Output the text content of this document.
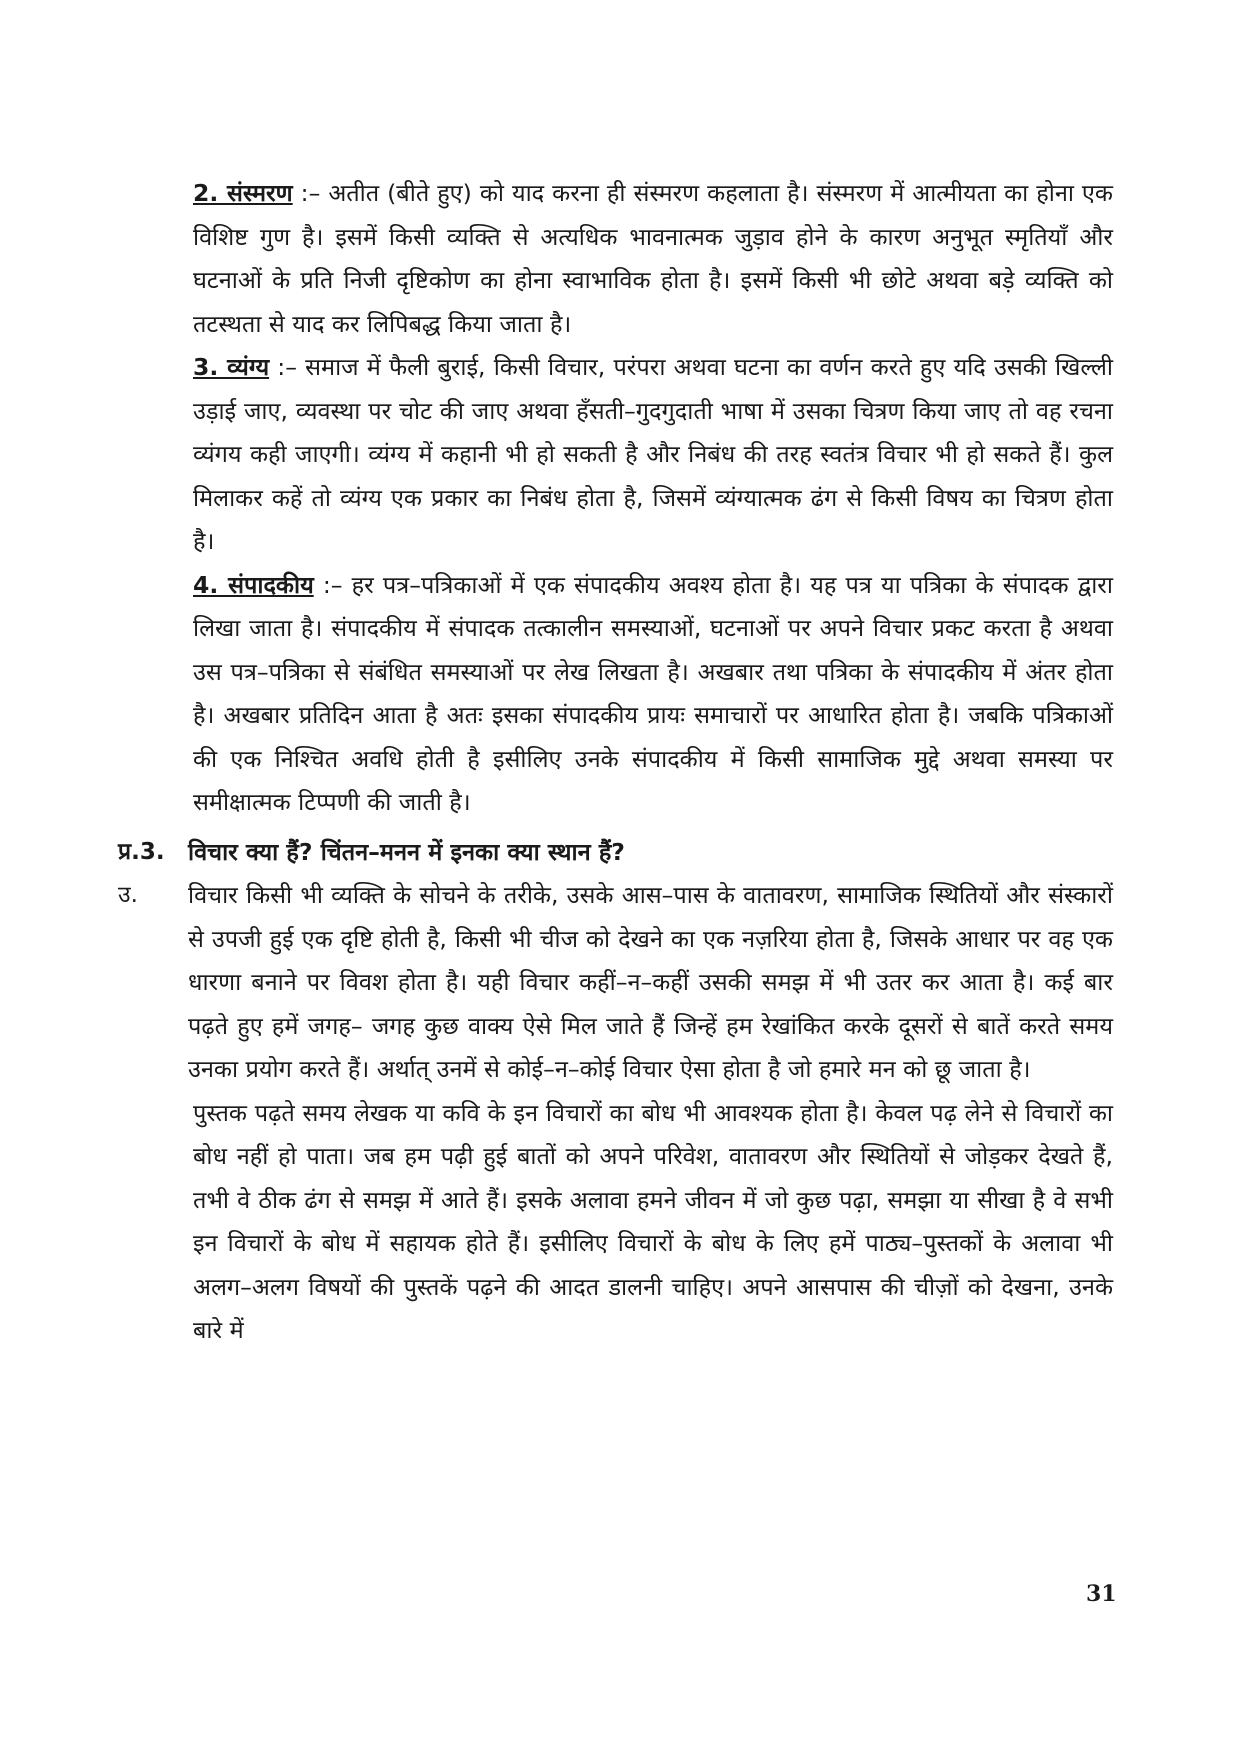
2. संस्मरण :– अतीत (बीते हुए) को याद करना ही संस्मरण कहलाता है। संस्मरण में आत्मीयता का होना एक विशिष्ट गुण है। इसमें किसी व्यक्ति से अत्यधिक भावनात्मक जुड़ाव होने के कारण अनुभूत स्मृतियाँ और घटनाओं के प्रति निजी दृष्टिकोण का होना स्वाभाविक होता है। इसमें किसी भी छोटे अथवा बड़े व्यक्ति को तटस्थता से याद कर लिपिबद्ध किया जाता है।

3. व्यंग्य :– समाज में फैली बुराई, किसी विचार, परंपरा अथवा घटना का वर्णन करते हुए यदि उसकी खिल्ली उड़ाई जाए, व्यवस्था पर चोट की जाए अथवा हँसती–गुदगुदाती भाषा में उसका चित्रण किया जाए तो वह रचना व्यंगय कही जाएगी। व्यंग्य में कहानी भी हो सकती है और निबंध की तरह स्वतंत्र विचार भी हो सकते हैं। कुल मिलाकर कहें तो व्यंग्य एक प्रकार का निबंध होता है, जिसमें व्यंग्यात्मक ढंग से किसी विषय का चित्रण होता है।

4. संपादकीय :– हर पत्र–पत्रिकाओं में एक संपादकीय अवश्य होता है। यह पत्र या पत्रिका के संपादक द्वारा लिखा जाता है। संपादकीय में संपादक तत्कालीन समस्याओं, घटनाओं पर अपने विचार प्रकट करता है अथवा उस पत्र–पत्रिका से संबंधित समस्याओं पर लेख लिखता है। अखबार तथा पत्रिका के संपादकीय में अंतर होता है। अखबार प्रतिदिन आता है अतः इसका संपादकीय प्रायः समाचारों पर आधारित होता है। जबकि पत्रिकाओं की एक निश्चित अवधि होती है इसीलिए उनके संपादकीय में किसी सामाजिक मुद्दे अथवा समस्या पर समीक्षात्मक टिप्पणी की जाती है।

प्र.3. विचार क्या हैं? चिंतन–मनन में इनका क्या स्थान हैं?
उ.	विचार किसी भी व्यक्ति के सोचने के तरीके, उसके आस–पास के वातावरण, सामाजिक स्थितियों और संस्कारों से उपजी हुई एक दृष्टि होती है, किसी भी चीज को देखने का एक नज़रिया होता है, जिसके आधार पर वह एक धारणा बनाने पर विवश होता है। यही विचार कहीं–न–कहीं उसकी समझ में भी उतर कर आता है। कई बार पढ़ते हुए हमें जगह– जगह कुछ वाक्य ऐसे मिल जाते हैं जिन्हें हम रेखांकित करके दूसरों से बातें करते समय उनका प्रयोग करते हैं। अर्थात् उनमें से कोई–न–कोई विचार ऐसा होता है जो हमारे मन को छू जाता है।

पुस्तक पढ़ते समय लेखक या कवि के इन विचारों का बोध भी आवश्यक होता है। केवल पढ़ लेने से विचारों का बोध नहीं हो पाता। जब हम पढ़ी हुई बातों को अपने परिवेश, वातावरण और स्थितियों से जोड़कर देखते हैं, तभी वे ठीक ढंग से समझ में आते हैं। इसके अलावा हमने जीवन में जो कुछ पढ़ा, समझा या सीखा है वे सभी इन विचारों के बोध में सहायक होते हैं। इसीलिए विचारों के बोध के लिए हमें पाठ्य–पुस्तकों के अलावा भी अलग–अलग विषयों की पुस्तकें पढ़ने की आदत डालनी चाहिए। अपने आसपास की चीज़ों को देखना, उनके बारे में

31
